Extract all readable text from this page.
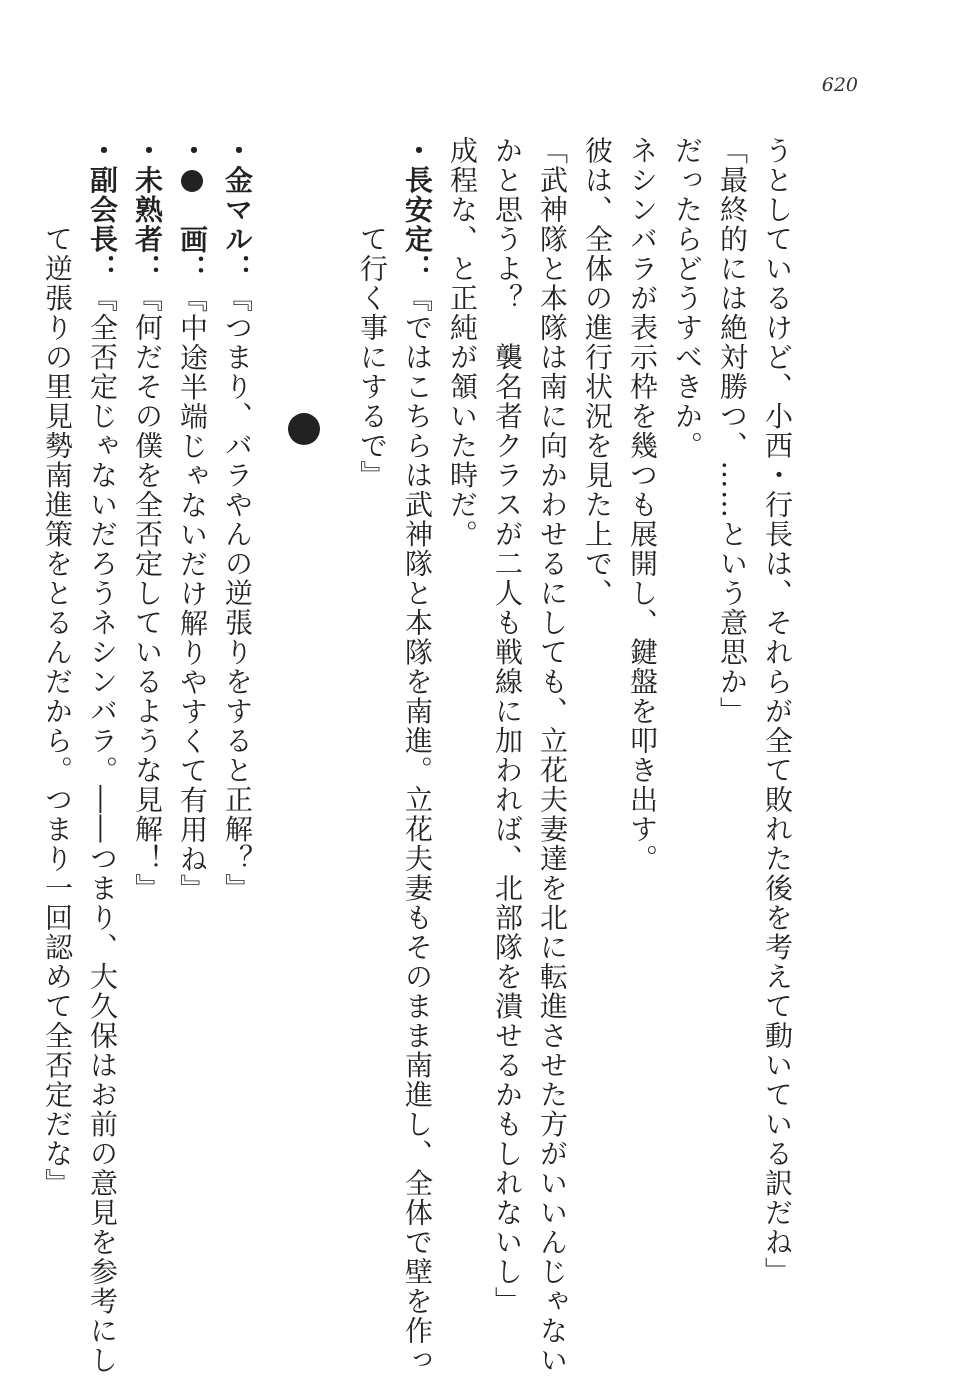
620
うとしているけど、小西・行長は、それらが全て敗れた後を考えて動いている訳だね」
「最終的には絶対勝つ、……という意思か」
だったらどうすべきか。
ネシンバラが表示枠を幾つも展開し、鍵盤を叩き出す。
彼は、全体の進行状況を見た上で、
「武神隊と本隊は南に向かわせるにしても、立花夫妻達を北に転進させた方がいいんじゃない
かと思うよ？　襲名者クラスが二人も戦線に加われば、北部隊を潰せるかもしれないし」
成程な、と正純が頷いた時だ。
・長安定：『ではこちらは武神隊と本隊を南進。立花夫妻もそのまま南進し、全体で壁を作っ
　　　て行く事にするで』
・金マル：『つまり、バラやんの逆張りをすると正解？』
・　画：『中途半端じゃないだけ解りやすくて有用ね』
・未熟者：『何だその僕を全否定しているような見解！』
・副会長：『全否定じゃないだろうネシンバラ。――つまり、大久保はお前の意見を参考にし
　　　て逆張りの里見勢南進策をとるんだから。つまり一回認めて全否定だな』
